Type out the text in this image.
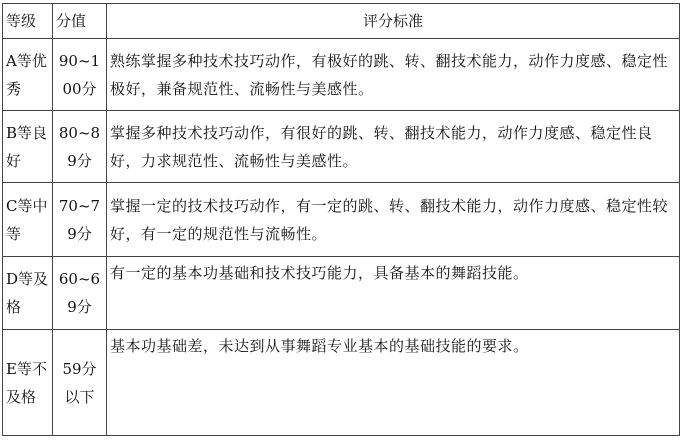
等级	分值	评分标准
A等优秀	90~100分	熟练掌握多种技术技巧动作，有极好的跳、转、翻技术能力，动作力度感、稳定性极好，兼备规范性、流畅性与美感性。
B等良好	80~89分	掌握多种技术技巧动作，有很好的跳、转、翻技术能力，动作力度感、稳定性良好，力求规范性、流畅性与美感性。
C等中等	70~79分	掌握一定的技术技巧动作，有一定的跳、转、翻技术能力，动作力度感、稳定性较好，有一定的规范性与流畅性。
D等及格	60~69分	有一定的基本功基础和技术技巧能力，具备基本的舞蹈技能。
E等不及格	59分以下	基本功基础差，未达到从事舞蹈专业基本的基础技能的要求。
